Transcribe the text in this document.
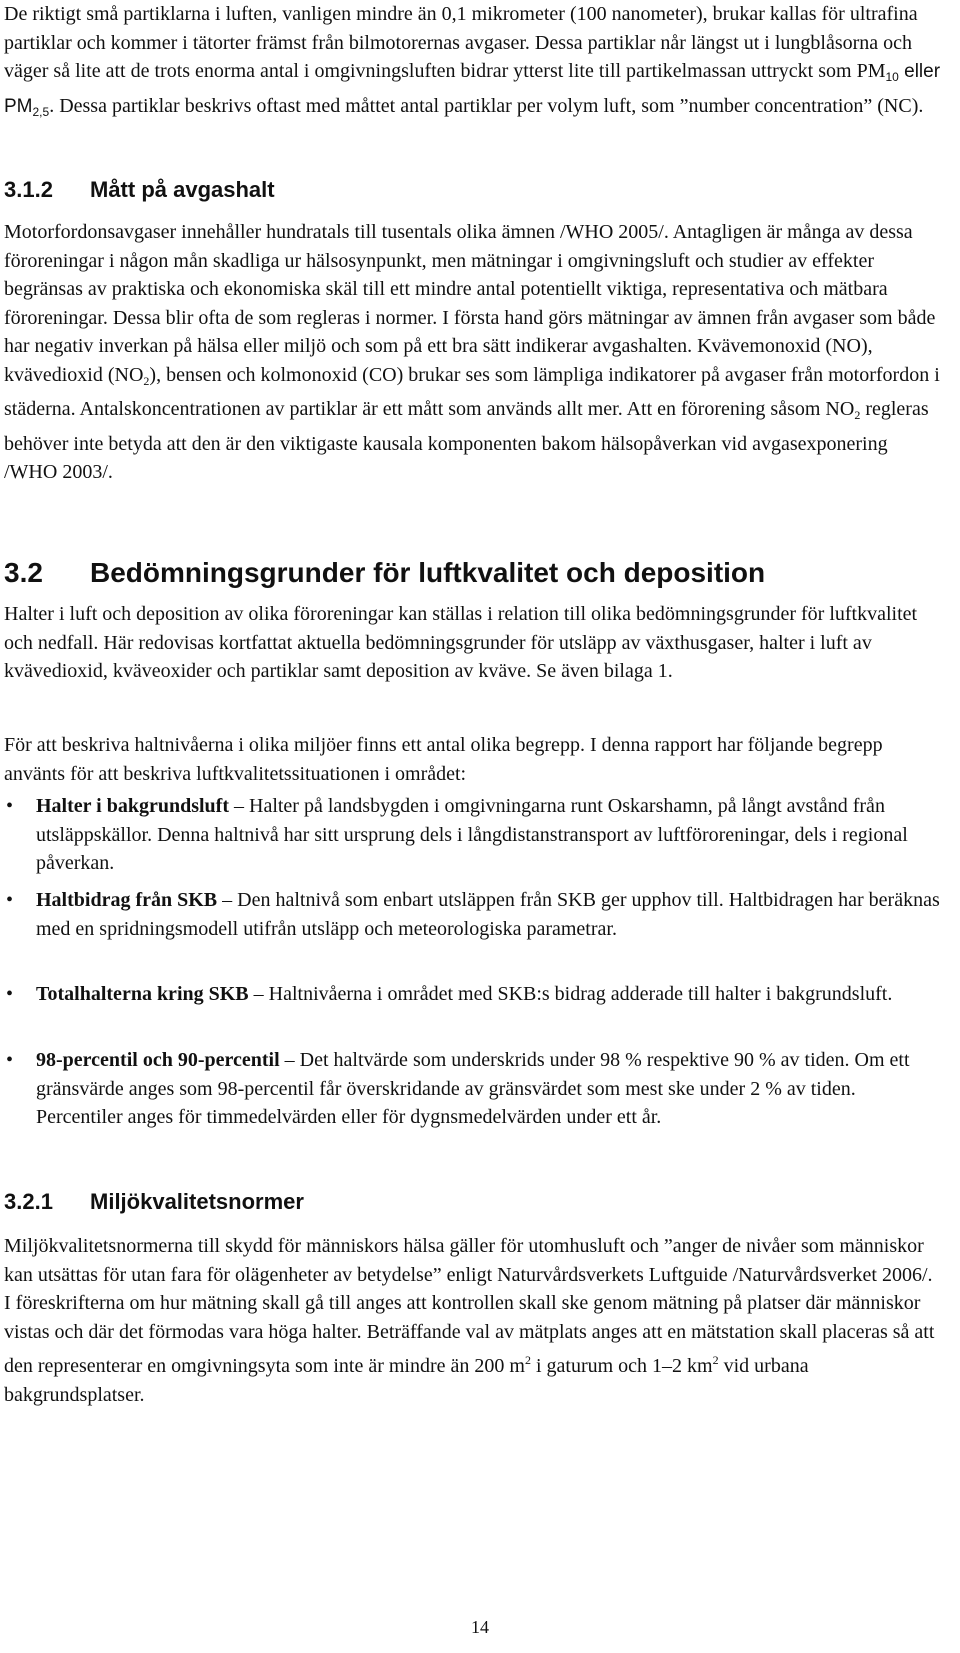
De riktigt små partiklarna i luften, vanligen mindre än 0,1 mikrometer (100 nanometer), brukar kallas för ultrafina partiklar och kommer i tätorter främst från bilmotorernas avgaser. Dessa partiklar når längst ut i lungblåsorna och väger så lite att de trots enorma antal i omgivningsluften bidrar ytterst lite till partikelmassan uttryckt som $PM_{10}$ eller $PM_{2,5}$. Dessa partiklar beskrivs oftast med måttet antal partiklar per volym luft, som ”number concentration” (NC).

3.1.2 Mått på avgashalt

Motorfordonsavgaser innehåller hundratals till tusentals olika ämnen /WHO 2005/. Antagligen är många av dessa föroreningar i någon mån skadliga ur hälsosynpunkt, men mätningar i omgivningsluft och studier av effekter begränsas av praktiska och ekonomiska skäl till ett mindre antal potentiellt viktiga, representativa och mätbara föroreningar. Dessa blir ofta de som regleras i normer. I första hand görs mätningar av ämnen från avgaser som både har negativ inverkan på hälsa eller miljö och som på ett bra sätt indikerar avgashalten. Kvävemonoxid (NO), kvävedioxid $(NO_2)$, bensen och kolmonoxid (CO) brukar ses som lämpliga indikatorer på avgaser från motorfordon i städerna. Antalskoncentrationen av partiklar är ett mått som används allt mer. Att en förorening såsom $NO_2$ regleras behöver inte betyda att den är den viktigaste kausala komponenten bakom hälsopåverkan vid avgasexponering /WHO 2003/.

3.2 Bedömningsgrunder för luftkvalitet och deposition

Halter i luft och deposition av olika föroreningar kan ställas i relation till olika bedömningsgrunder för luftkvalitet och nedfall. Här redovisas kortfattat aktuella bedömningsgrunder för utsläpp av växthusgaser, halter i luft av kvävedioxid, kväveoxider och partiklar samt deposition av kväve. Se även bilaga 1.

För att beskriva haltnivåerna i olika miljöer finns ett antal olika begrepp. I denna rapport har följande begrepp använts för att beskriva luftkvalitetssituationen i området:

• Halter i bakgrundsluft – Halter på landsbygden i omgivningarna runt Oskarshamn, på långt avstånd från utsläppskällor. Denna haltnivå har sitt ursprung dels i långdistanstransport av luftföroreningar, dels i regional påverkan.

• Haltbidrag från SKB – Den haltnivå som enbart utsläppen från SKB ger upphov till. Haltbidragen har beräknas med en spridningsmodell utifrån utsläpp och meteorologiska parametrar.

• Totalhalterna kring SKB – Haltnivåerna i området med SKB:s bidrag adderade till halter i bakgrundsluft.

• 98-percentil och 90-percentil – Det haltvärde som underskrids under 98 % respektive 90 % av tiden. Om ett gränsvärde anges som 98-percentil får överskridande av gränsvärdet som mest ske under 2 % av tiden. Percentiler anges för timmedelvärden eller för dygnsmedelvärden under ett år.

3.2.1 Miljökvalitetsnormer

Miljökvalitetsnormerna till skydd för människors hälsa gäller för utomhusluft och ”anger de nivåer som människor kan utsättas för utan fara för olägenheter av betydelse” enligt Naturvårdsverkets Luftguide /Naturvårdsverket 2006/. I föreskrifterna om hur mätning skall gå till anges att kontrollen skall ske genom mätning på platser där människor vistas och där det förmodas vara höga halter. Beträffande val av mätplats anges att en mätstation skall placeras så att den representerar en omgivningsyta som inte är mindre än 200 $m^2$ i gaturum och 1–2 $km^2$ vid urbana bakgrundsplatser.

14
